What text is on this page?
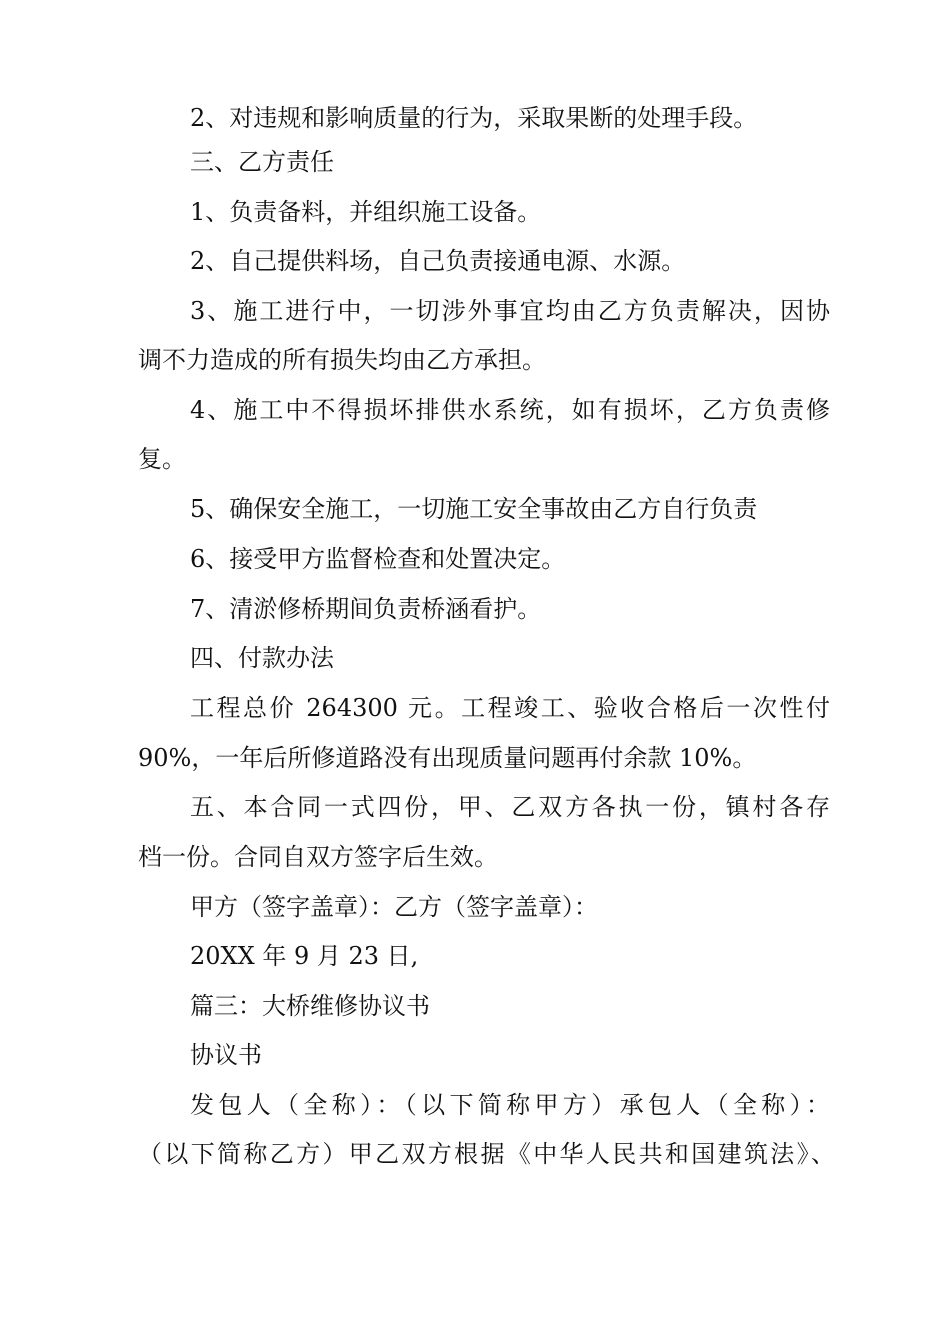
2、对违规和影响质量的行为，采取果断的处理手段。
三、乙方责任
1、负责备料，并组织施工设备。
2、自己提供料场，自己负责接通电源、水源。
3、施工进行中，一切涉外事宜均由乙方负责解决，因协
调不力造成的所有损失均由乙方承担。
4、施工中不得损坏排供水系统，如有损坏，乙方负责修
复。
5、确保安全施工，一切施工安全事故由乙方自行负责
6、接受甲方监督检查和处置决定。
7、清淤修桥期间负责桥涵看护。
四、付款办法
工程总价 264300 元。工程竣工、验收合格后一次性付
90%，一年后所修道路没有出现质量问题再付余款 10%。
五、本合同一式四份，甲、乙双方各执一份，镇村各存
档一份。合同自双方签字后生效。
甲方（签字盖章）：乙方（签字盖章）：
20XX 年 9 月 23 日,
篇三：大桥维修协议书
协议书
发包人（全称）：（以下简称甲方）承包人（全称）：
（以下简称乙方）甲乙双方根据《中华人民共和国建筑法》、
